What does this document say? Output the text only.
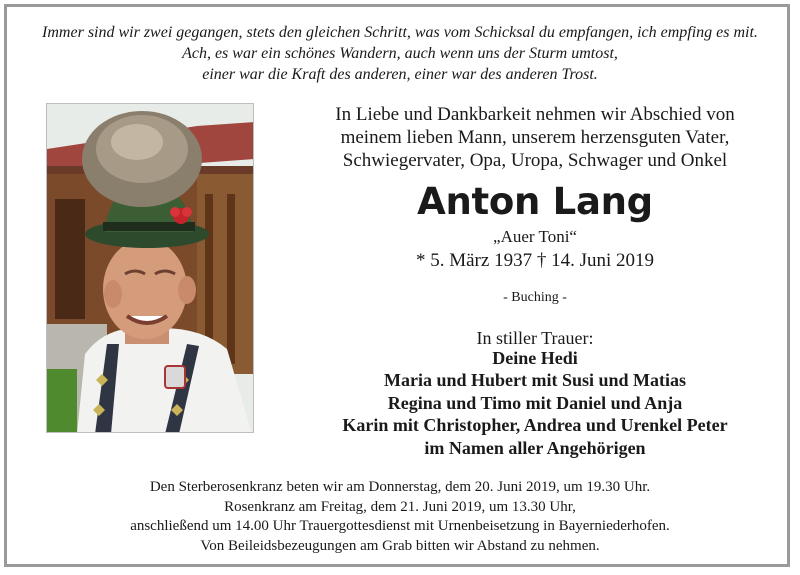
Immer sind wir zwei gegangen, stets den gleichen Schritt, was vom Schicksal du empfangen, ich empfing es mit.
Ach, es war ein schönes Wandern, auch wenn uns der Sturm umtost,
einer war die Kraft des anderen, einer war des anderen Trost.
In Liebe und Dankbarkeit nehmen wir Abschied von
meinem lieben Mann, unserem herzensguten Vater,
Schwiegervater, Opa, Uropa, Schwager und Onkel
Anton Lang
„Auer Toni“
* 5. März 1937 † 14. Juni 2019
- Buching -
In stiller Trauer:
Deine Hedi
Maria und Hubert mit Susi und Matias
Regina und Timo mit Daniel und Anja
Karin mit Christopher, Andrea und Urenkel Peter
im Namen aller Angehörigen
Den Sterberosenkranz beten wir am Donnerstag, dem 20. Juni 2019, um 19.30 Uhr.
Rosenkranz am Freitag, dem 21. Juni 2019, um 13.30 Uhr,
anschließend um 14.00 Uhr Trauergottesdienst mit Urnenbeisetzung in Bayerniederhofen.
Von Beileidsbezeugungen am Grab bitten wir Abstand zu nehmen.
